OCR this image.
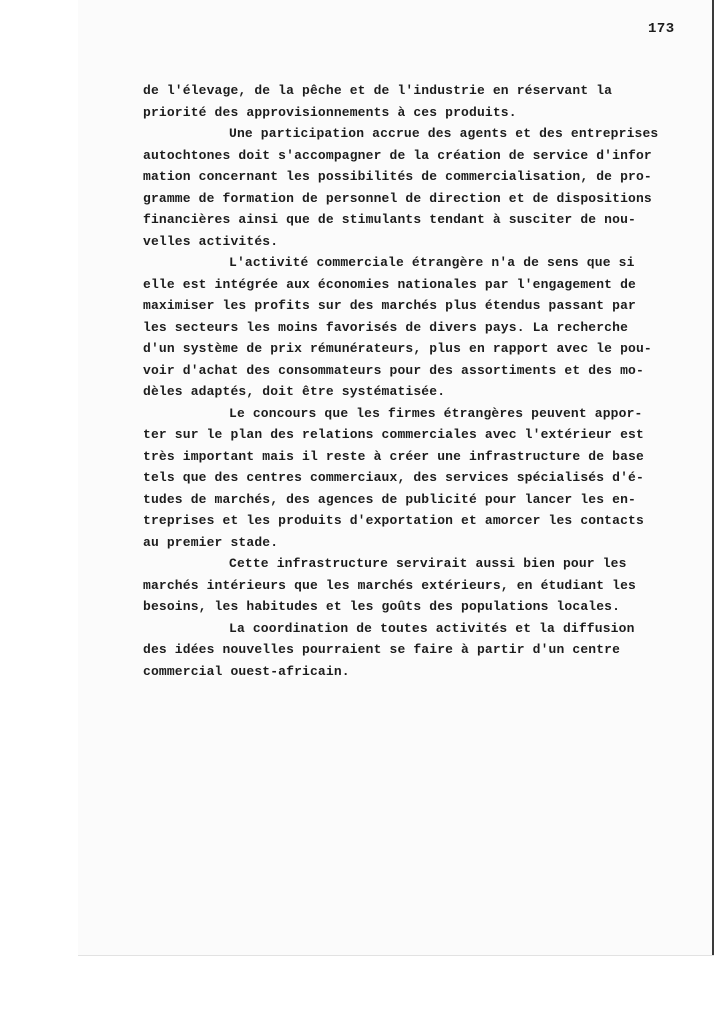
173
de l'élevage, de la pêche et de l'industrie en réservant la
priorité des approvisionnements à ces produits.
Une participation accrue des agents et des entreprises
autochtones doit s'accompagner de la création de service d'infor
mation concernant les possibilités de commercialisation, de pro-
gramme de formation de personnel de direction et de dispositions
financières ainsi que de stimulants tendant à susciter de nou-
velles activités.
L'activité commerciale étrangère n'a de sens que si
elle est intégrée aux économies nationales par l'engagement de
maximiser les profits sur des marchés plus étendus passant par
les secteurs les moins favorisés de divers pays. La recherche
d'un système de prix rémunérateurs, plus en rapport avec le pou-
voir d'achat des consommateurs pour des assortiments et des mo-
dèles adaptés, doit être systématisée.
Le concours que les firmes étrangères peuvent appor-
ter sur le plan des relations commerciales avec l'extérieur est
très important mais il reste à créer une infrastructure de base
tels que des centres commerciaux, des services spécialisés d'é-
tudes de marchés, des agences de publicité pour lancer les en-
treprises et les produits d'exportation et amorcer les contacts
au premier stade.
Cette infrastructure servirait aussi bien pour les
marchés intérieurs que les marchés extérieurs, en étudiant les
besoins, les habitudes et les goûts des populations locales.
La coordination de toutes activités et la diffusion
des idées nouvelles pourraient se faire à partir d'un centre
commercial ouest-africain.
